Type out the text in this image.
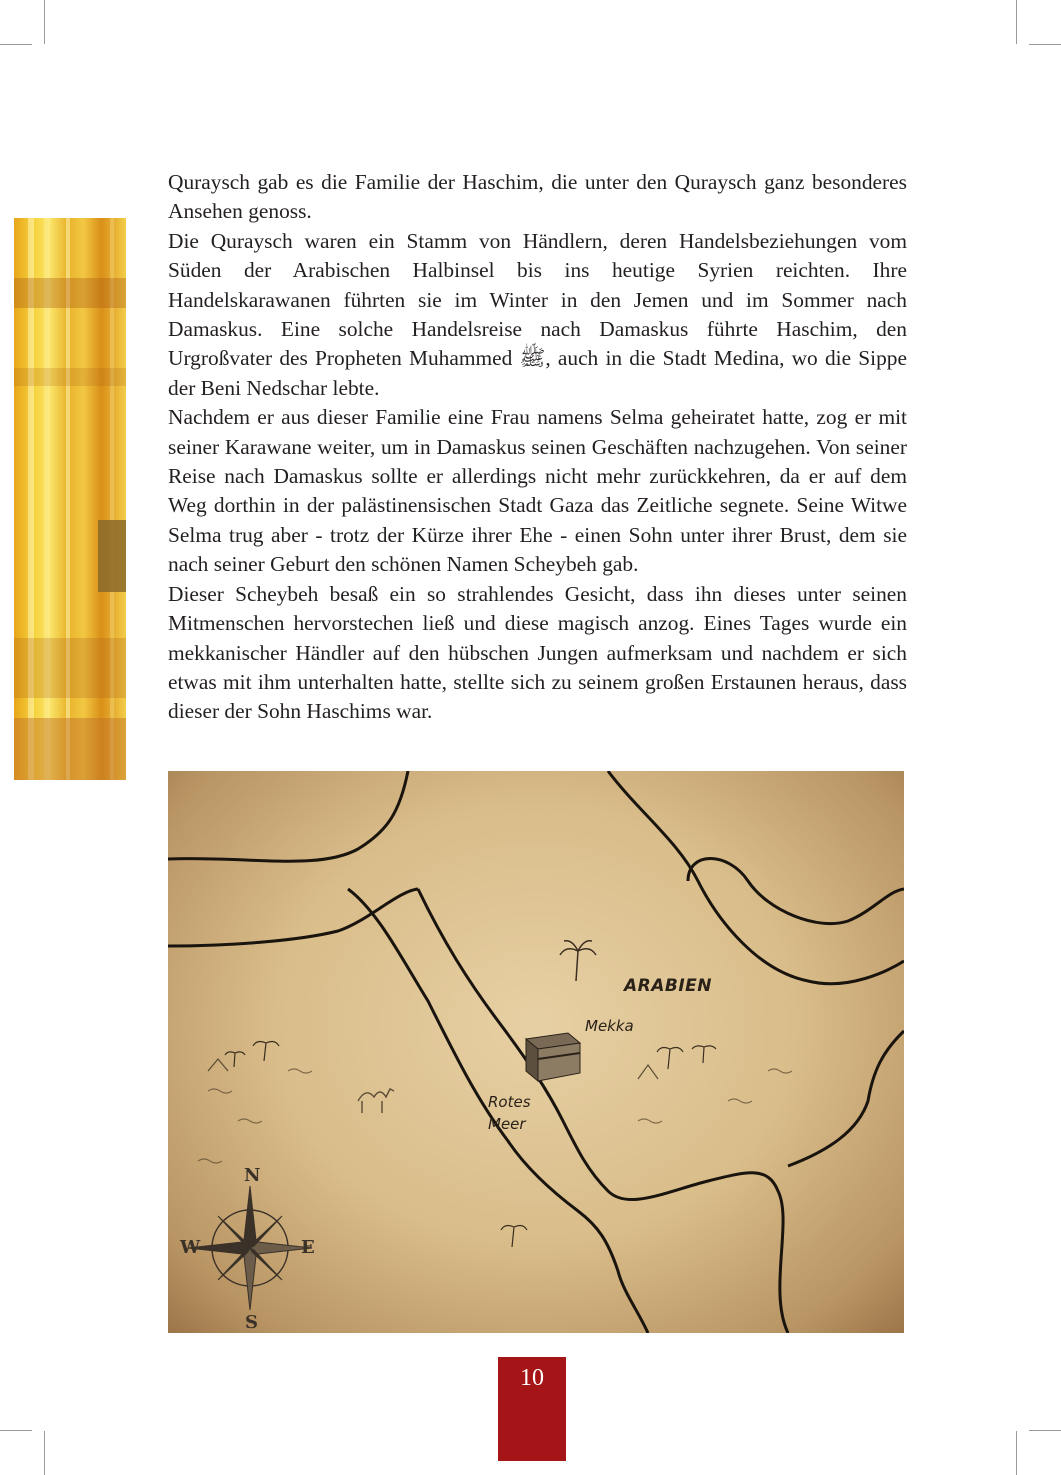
Quraysch gab es die Familie der Haschim, die unter den Quraysch ganz besonderes Ansehen genoss.

Die Quraysch waren ein Stamm von Händlern, deren Handelsbeziehungen vom Süden der Arabischen Halbinsel bis ins heutige Syrien reichten. Ihre Handelskarawanen führten sie im Winter in den Jemen und im Sommer nach Damaskus. Eine solche Handelsreise nach Damaskus führte Haschim, den Urgroßvater des Propheten Muhammed ﷺ, auch in die Stadt Medina, wo die Sippe der Beni Nedschar lebte.

Nachdem er aus dieser Familie eine Frau namens Selma geheiratet hatte, zog er mit seiner Karawane weiter, um in Damaskus seinen Geschäften nachzugehen. Von seiner Reise nach Damaskus sollte er allerdings nicht mehr zurückkehren, da er auf dem Weg dorthin in der palästinensischen Stadt Gaza das Zeitliche segnete. Seine Witwe Selma trug aber - trotz der Kürze ihrer Ehe - einen Sohn unter ihrer Brust, dem sie nach seiner Geburt den schönen Namen Scheybeh gab.

Dieser Scheybeh besaß ein so strahlendes Gesicht, dass ihn dieses unter seinen Mitmenschen hervorstechen ließ und diese magisch anzog. Eines Tages wurde ein mekkanischer Händler auf den hübschen Jungen aufmerksam und nachdem er sich etwas mit ihm unterhalten hatte, stellte sich zu seinem großen Erstaunen heraus, dass dieser der Sohn Haschims war.

ARABIEN
Mekka
Rotes
Meer
N
S
E
W
10
